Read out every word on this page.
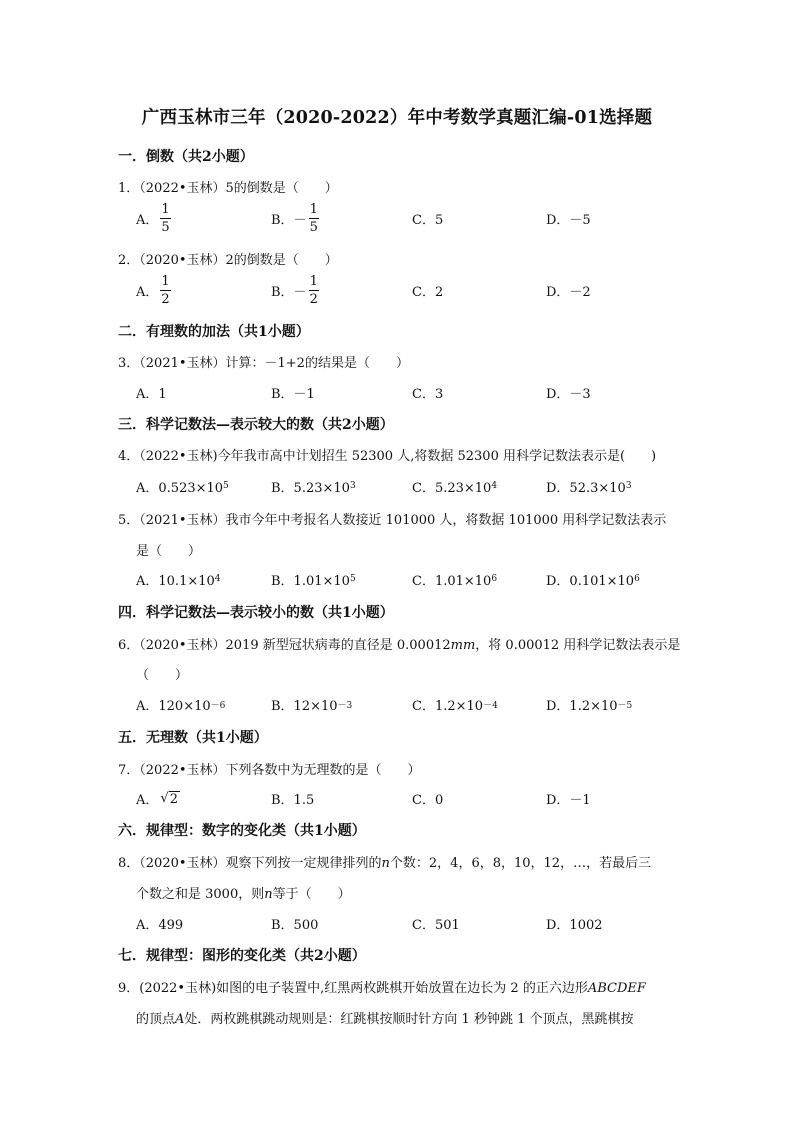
广西玉林市三年（2020-2022）年中考数学真题汇编-01选择题
一．倒数（共2小题）
1．（2022•玉林）5的倒数是（　　）
A． $\frac{1}{5}$	B．－ $\frac{1}{5}$	C．5	D．－5
2．（2020•玉林）2的倒数是（　　）
A． $\frac{1}{2}$	B．－ $\frac{1}{2}$	C．2	D．－2
二．有理数的加法（共1小题）
3．（2021•玉林）计算：－1+2的结果是（　　）
A．1	B．－1	C．3	D．－3
三．科学记数法—表示较大的数（共2小题）
4．（2022•玉林)今年我市高中计划招生 52300 人,将数据 52300 用科学记数法表示是(　　)
A．0.523×10 5	B．5.23×10 3	C．5.23×10 4	D．52.3×10 3
5．（2021•玉林）我市今年中考报名人数接近 101000 人，将数据 101000 用科学记数法表示
是（　　）
A．10.1×10 4	B．1.01×10 5	C．1.01×10 6	D．0.101×10 6
四．科学记数法—表示较小的数（共1小题）
6．（2020•玉林）2019 新型冠状病毒的直径是 0.00012mm，将 0.00012 用科学记数法表示是
（　　）
A．120×10 －6	B．12×10 －3	C．1.2×10 －4	D．1.2×10 －5
五．无理数（共1小题）
7．（2022•玉林）下列各数中为无理数的是（　　）
A． √ 2	B．1.5	C．0	D．－1
六．规律型：数字的变化类（共1小题）
8．（2020•玉林）观察下列按一定规律排列的n个数：2，4，6，8，10，12，…，若最后三
个数之和是 3000，则n等于（　　）
A．499	B．500	C．501	D．1002
七．规律型：图形的变化类（共2小题）
9．(2022•玉林)如图的电子装置中,红黑两枚跳棋开始放置在边长为 2 的正六边形ABCDEF
的顶点A处．两枚跳棋跳动规则是：红跳棋按顺时针方向 1 秒钟跳 1 个顶点，黑跳棋按
